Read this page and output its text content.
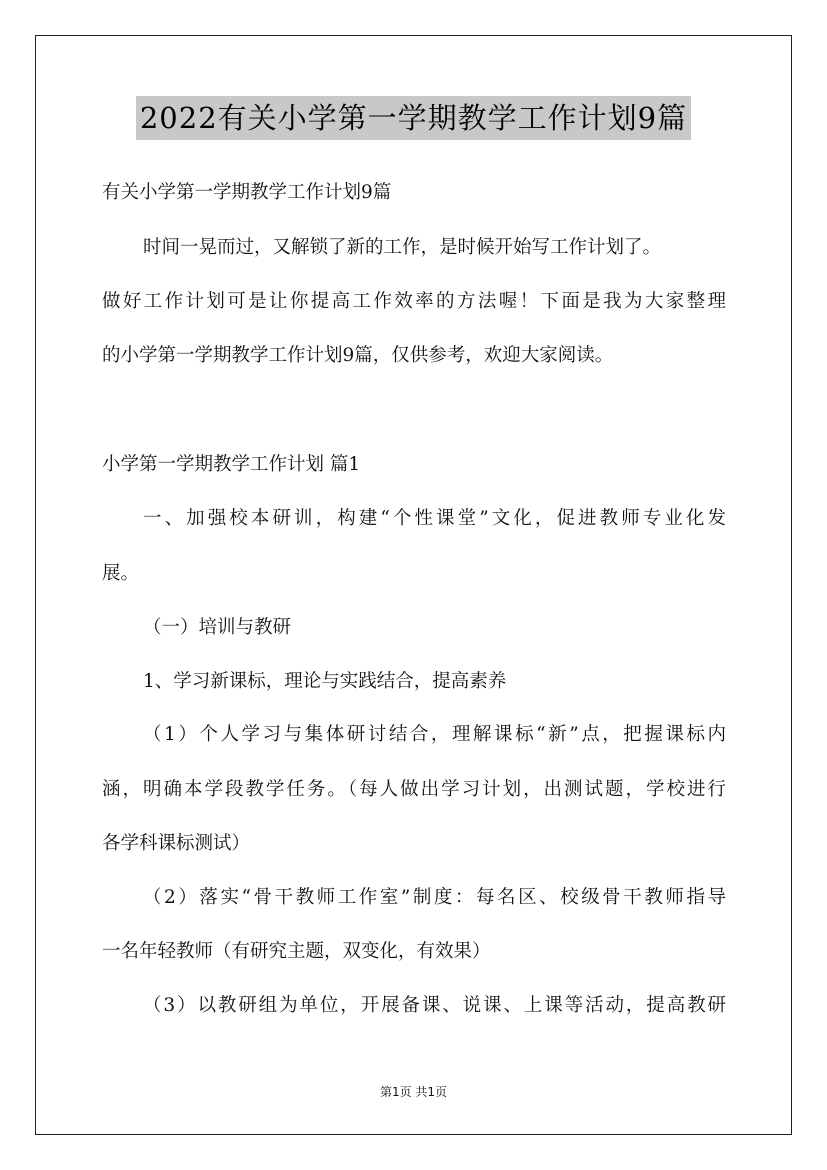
2022有关小学第一学期教学工作计划9篇
有关小学第一学期教学工作计划9篇
时间一晃而过，又解锁了新的工作，是时候开始写工作计划了。
做好工作计划可是让你提高工作效率的方法喔！下面是我为大家整理
的小学第一学期教学工作计划9篇，仅供参考，欢迎大家阅读。
小学第一学期教学工作计划 篇1
一、加强校本研训，构建“个性课堂”文化，促进教师专业化发
展。
（一）培训与教研
1、学习新课标，理论与实践结合，提高素养
（1）个人学习与集体研讨结合，理解课标“新”点，把握课标内
涵，明确本学段教学任务。（每人做出学习计划，出测试题，学校进行
各学科课标测试）
（2）落实“骨干教师工作室”制度：每名区、校级骨干教师指导
一名年轻教师（有研究主题，双变化，有效果）
（3）以教研组为单位，开展备课、说课、上课等活动，提高教研
第1页 共1页
